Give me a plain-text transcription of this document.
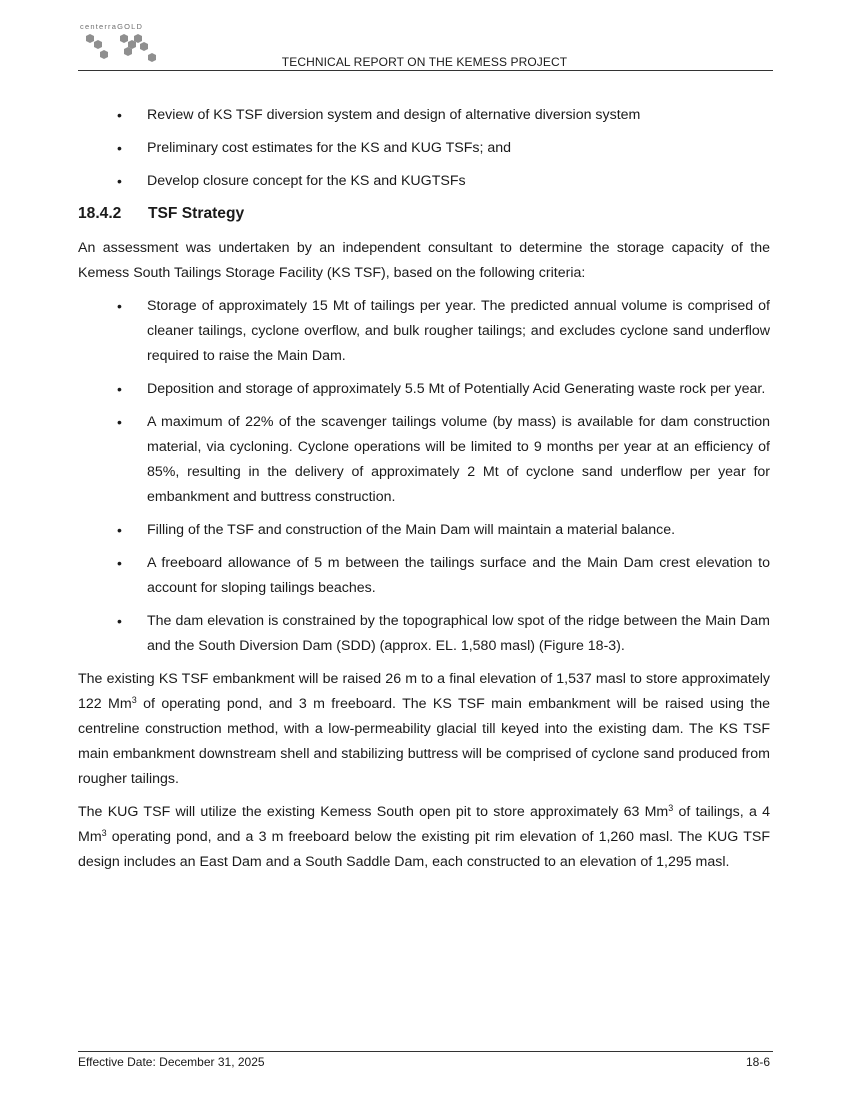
centerraGOLD
TECHNICAL REPORT ON THE KEMESS PROJECT
• Review of KS TSF diversion system and design of alternative diversion system
• Preliminary cost estimates for the KS and KUG TSFs; and
• Develop closure concept for the KS and KUGTSFs
18.4.2	TSF Strategy

An assessment was undertaken by an independent consultant to determine the storage capacity of the Kemess South Tailings Storage Facility (KS TSF), based on the following criteria:

• Storage of approximately 15 Mt of tailings per year. The predicted annual volume is comprised of cleaner tailings, cyclone overflow, and bulk rougher tailings; and excludes cyclone sand underflow required to raise the Main Dam.
• Deposition and storage of approximately 5.5 Mt of Potentially Acid Generating waste rock per year.
• A maximum of 22% of the scavenger tailings volume (by mass) is available for dam construction material, via cycloning. Cyclone operations will be limited to 9 months per year at an efficiency of 85%, resulting in the delivery of approximately 2 Mt of cyclone sand underflow per year for embankment and buttress construction.
• Filling of the TSF and construction of the Main Dam will maintain a material balance.
• A freeboard allowance of 5 m between the tailings surface and the Main Dam crest elevation to account for sloping tailings beaches.
• The dam elevation is constrained by the topographical low spot of the ridge between the Main Dam and the South Diversion Dam (SDD) (approx. EL. 1,580 masl) (Figure 18-3).

The existing KS TSF embankment will be raised 26 m to a final elevation of 1,537 masl to store approximately 122 Mm$^3$ of operating pond, and 3 m freeboard. The KS TSF main embankment will be raised using the centreline construction method, with a low-permeability glacial till keyed into the existing dam. The KS TSF main embankment downstream shell and stabilizing buttress will be comprised of cyclone sand produced from rougher tailings.

The KUG TSF will utilize the existing Kemess South open pit to store approximately 63 Mm$^3$ of tailings, a 4 Mm$^3$ operating pond, and a 3 m freeboard below the existing pit rim elevation of 1,260 masl. The KUG TSF design includes an East Dam and a South Saddle Dam, each constructed to an elevation of 1,295 masl.

Effective Date: December 31, 2025	18-6
